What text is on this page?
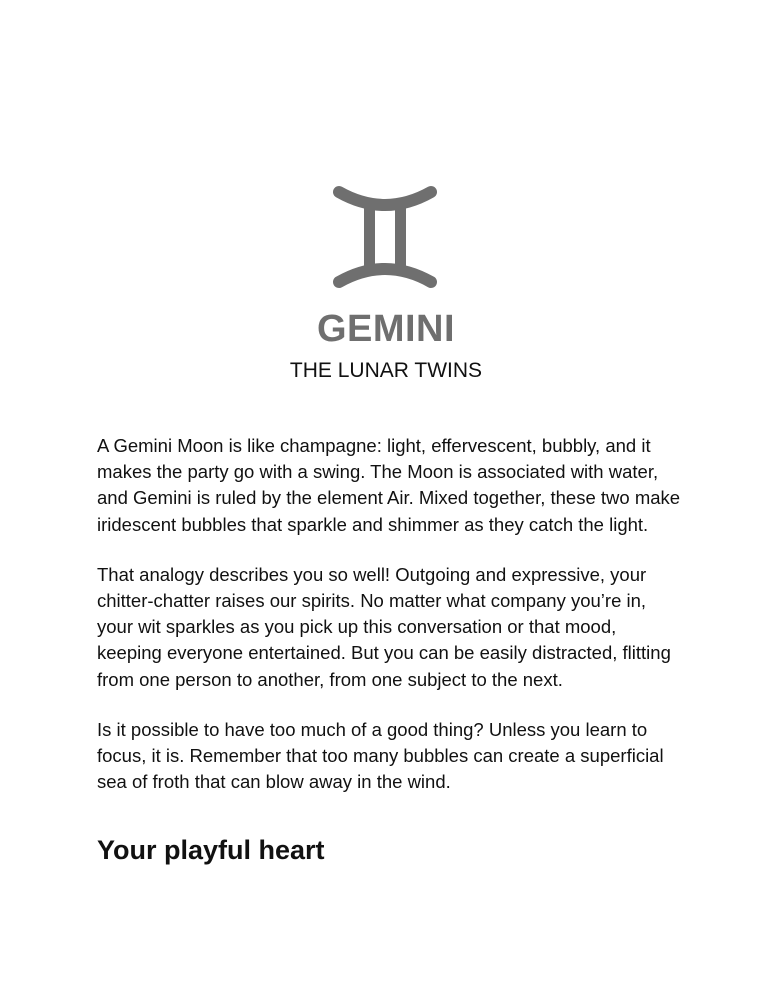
GEMINI
THE LUNAR TWINS

A Gemini Moon is like champagne: light, effervescent, bubbly, and it makes the party go with a swing. The Moon is associated with water, and Gemini is ruled by the element Air. Mixed together, these two make iridescent bubbles that sparkle and shimmer as they catch the light.

That analogy describes you so well! Outgoing and expressive, your chitter-chatter raises our spirits. No matter what company you’re in, your wit sparkles as you pick up this conversation or that mood, keeping everyone entertained. But you can be easily distracted, flitting from one person to another, from one subject to the next.

Is it possible to have too much of a good thing? Unless you learn to focus, it is. Remember that too many bubbles can create a superficial sea of froth that can blow away in the wind.

Your playful heart
